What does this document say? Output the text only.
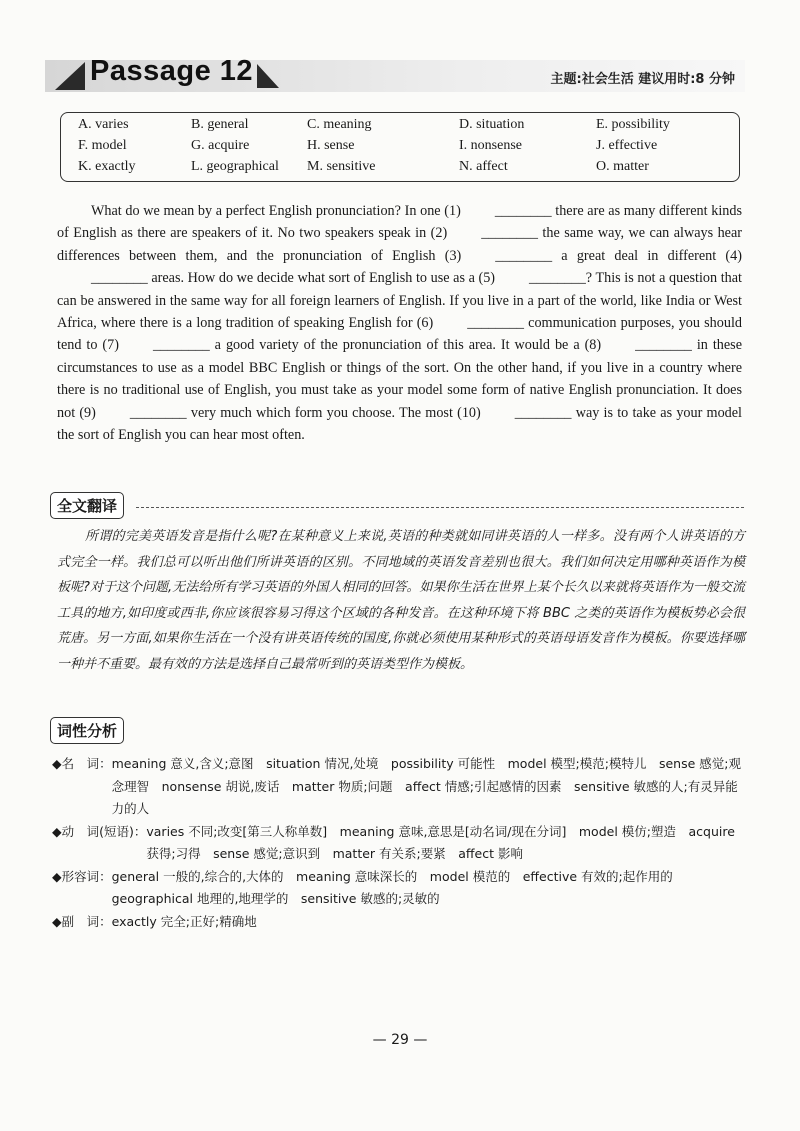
Passage 12	主题:社会生活 建议用时:8 分钟
A. varies	B. general	C. meaning	D. situation	E. possibility
F. model	G. acquire	H. sense	I. nonsense	J. effective
K. exactly	L. geographical M. sensitive	N. affect	O. matter

What do we mean by a perfect English pronunciation? In one (1) ________ there are as many different kinds of English as there are speakers of it. No two speakers speak in (2) ________ the same way, we can always hear differences between them, and the pronunciation of English (3) ________ a great deal in different (4)________ areas. How do we decide what sort of English to use as a (5) ________? This is not a question that can be answered in the same way for all foreign learners of English. If you live in a part of the world, like India or West Africa, where there is a long tradition of speaking English for (6) ________ communication purposes, you should tend to (7) ________ a good variety of the pronunciation of this area. It would be a (8) ________ in these circumstances to use as a model BBC English or things of the sort. On the other hand, if you live in a country where there is no traditional use of English, you must take as your model some form of native English pronunciation. It does not (9) ________ very much which form you choose. The most (10) ________ way is to take as your model the sort of English you can hear most often.

全文翻译

所谓的完美英语发音是指什么呢?在某种意义上来说,英语的种类就如同讲英语的人一样多。没有两个人讲英语的方式完全一样。我们总可以听出他们所讲英语的区别。不同地域的英语发音差别也很大。我们如何决定用哪种英语作为模板呢?对于这个问题,无法给所有学习英语的外国人相同的回答。如果你生活在世界上某个长久以来就将英语作为一般交流工具的地方,如印度或西非,你应该很容易习得这个区域的各种发音。在这种环境下将 BBC 之类的英语作为模板势必会很荒唐。另一方面,如果你生活在一个没有讲英语传统的国度,你就必须使用某种形式的英语母语发音作为模板。你要选择哪一种并不重要。最有效的方法是选择自己最常听到的英语类型作为模板。

词性分析
◆名　词： meaning 意义,含义;意图　situation 情况,处境　possibility 可能性　model 模型;模范;模特儿　sense 感觉;观念理智　nonsense 胡说,废话　matter 物质;问题　affect 情感;引起感情的因素　sensitive 敏感的人;有灵异能力的人
◆动　词(短语)： varies 不同;改变[第三人称单数]　meaning 意味,意思是[动名词/现在分词]　model 模仿;塑造　acquire 获得;习得　sense 感觉;意识到　matter 有关系;要紧　affect 影响
◆形容词： general 一般的,综合的,大体的　meaning 意味深长的　model 模范的　effective 有效的;起作用的　geographical 地理的,地理学的　sensitive 敏感的;灵敏的
◆副　词： exactly 完全;正好;精确地
— 29 —
